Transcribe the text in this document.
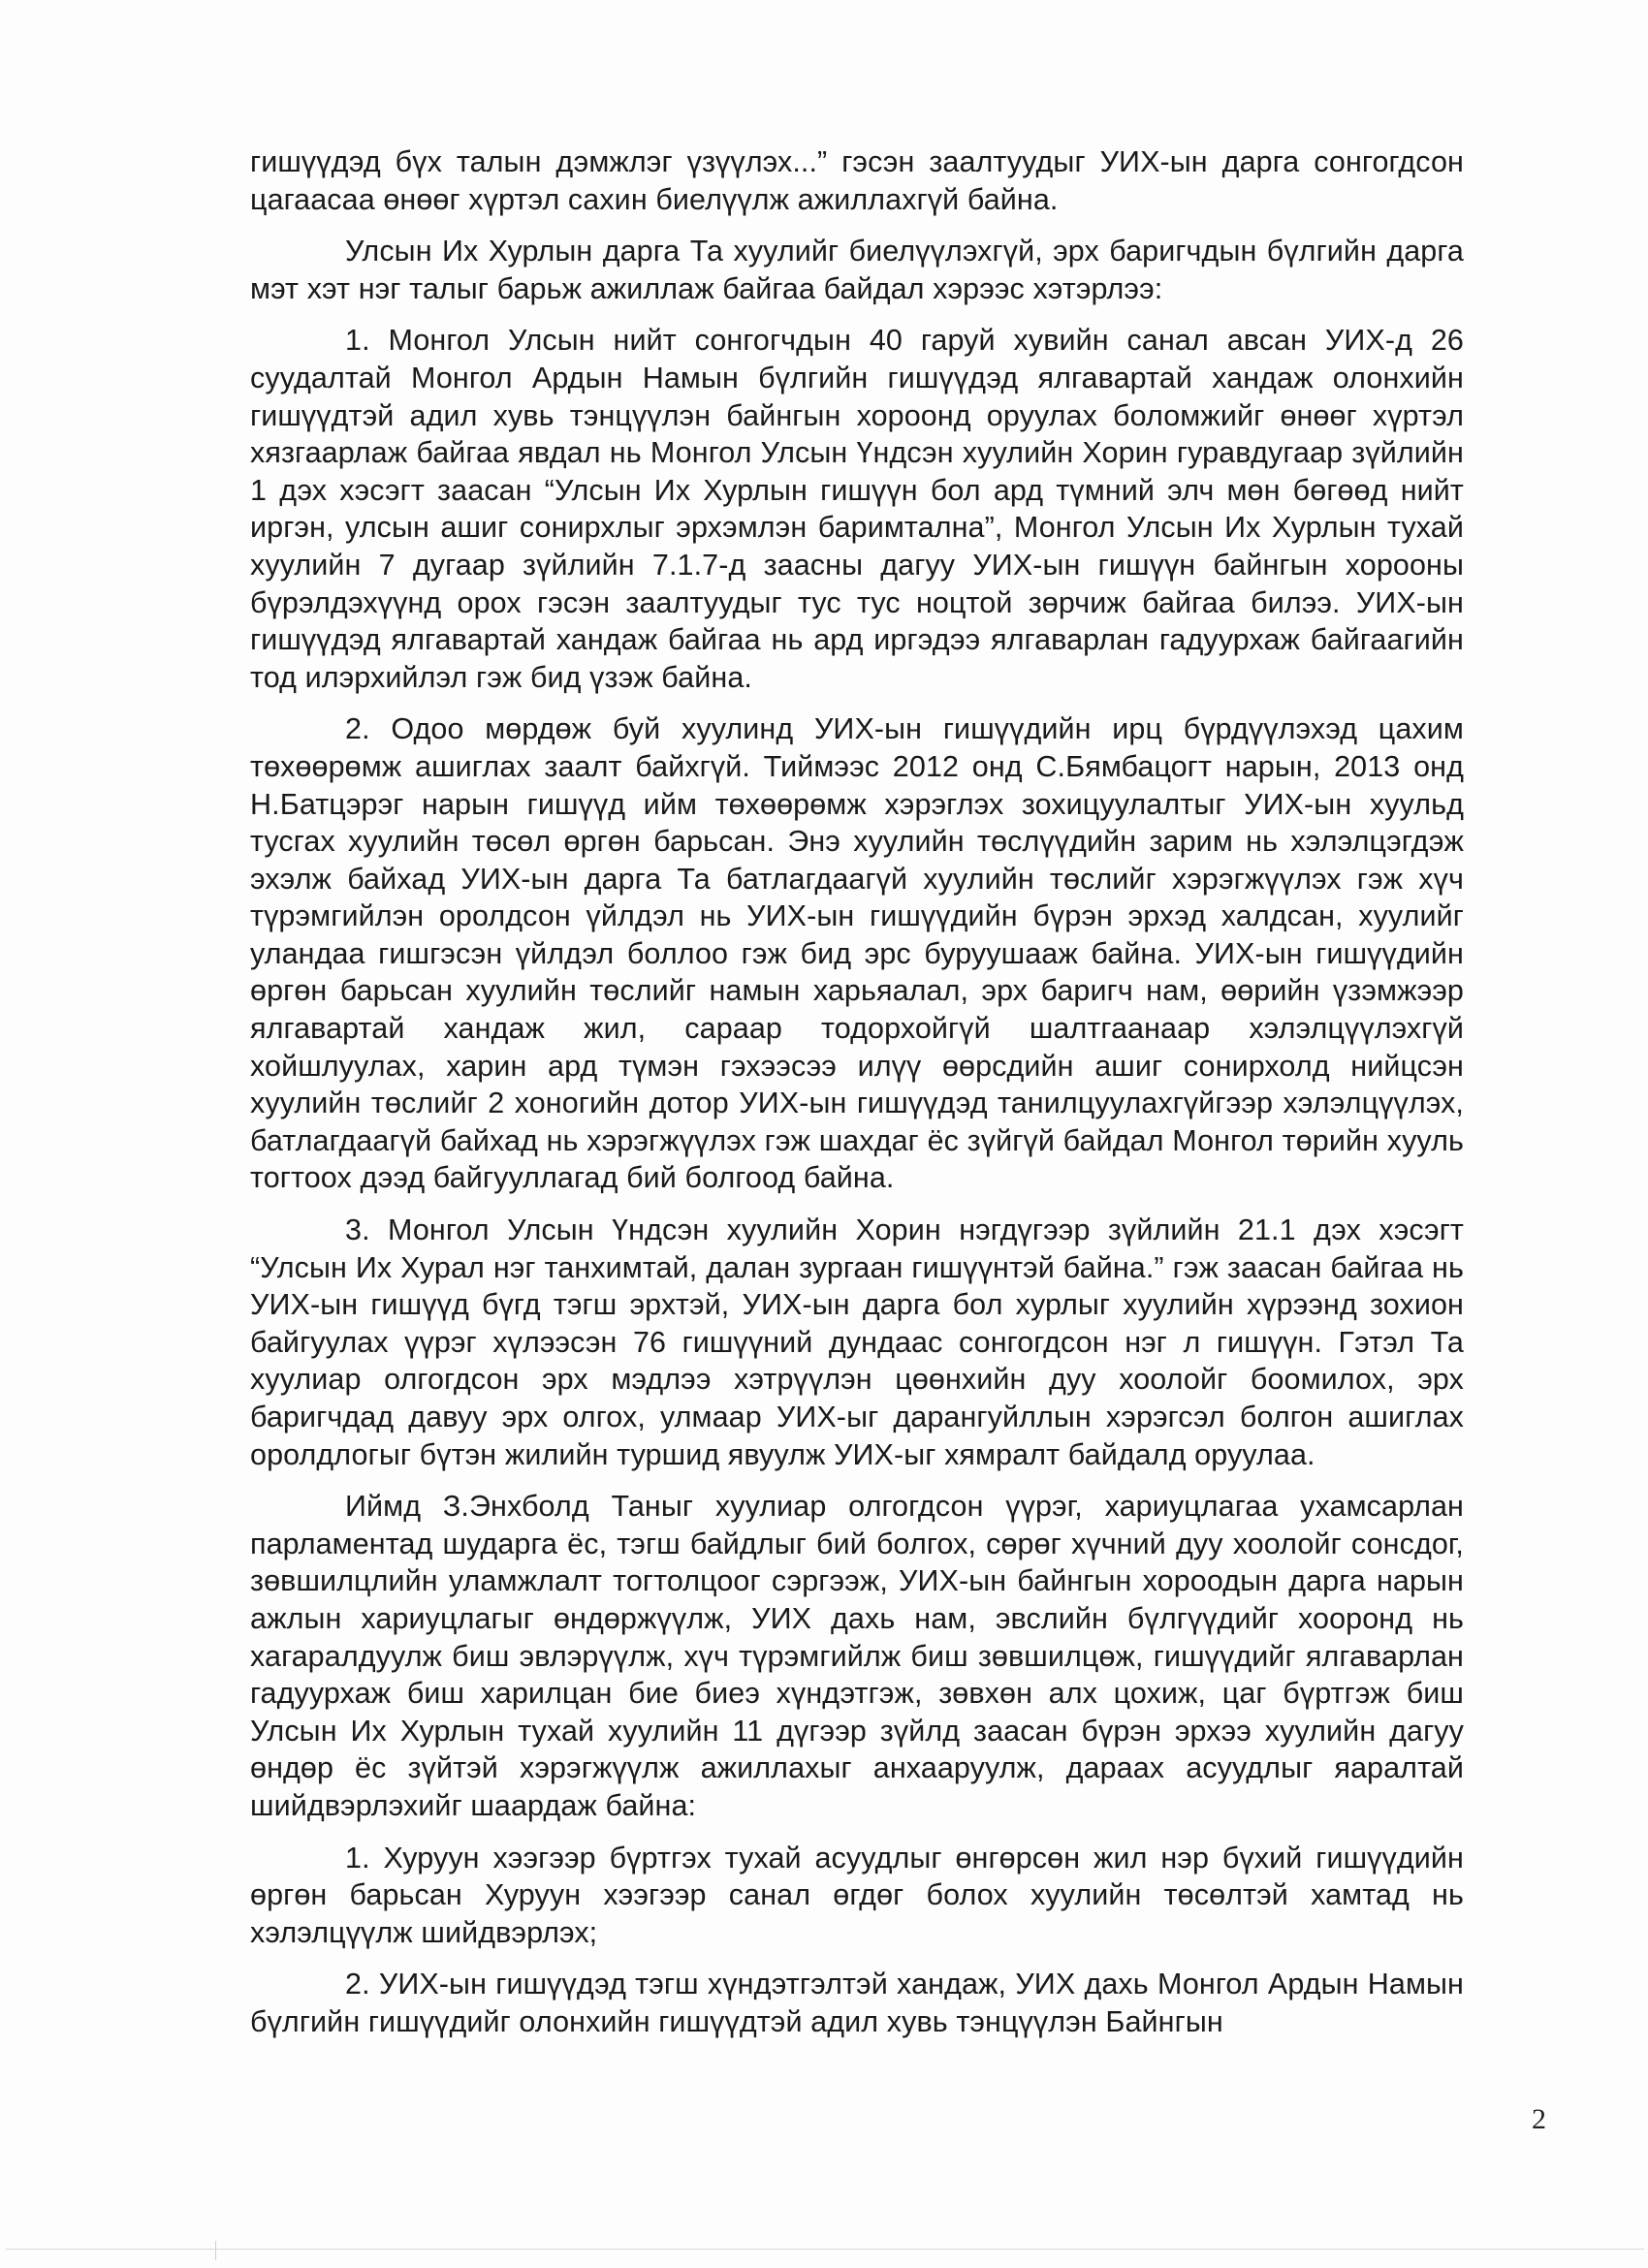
гишүүдэд бүх талын дэмжлэг үзүүлэх...” гэсэн заалтуудыг УИХ-ын дарга сонгогдсон цагаасаа өнөөг хүртэл сахин биелүүлж ажиллахгүй байна.

Улсын Их Хурлын дарга Та хуулийг биелүүлэхгүй, эрх баригчдын бүлгийн дарга мэт хэт нэг талыг барьж ажиллаж байгаа байдал хэрээс хэтэрлээ:

1. Монгол Улсын нийт сонгогчдын 40 гаруй хувийн санал авсан УИХ-д 26 суудалтай Монгол Ардын Намын бүлгийн гишүүдэд ялгавартай хандаж олонхийн гишүүдтэй адил хувь тэнцүүлэн байнгын хороонд оруулах боломжийг өнөөг хүртэл хязгаарлаж байгаа явдал нь Монгол Улсын Үндсэн хуулийн Хорин гуравдугаар зүйлийн 1 дэх хэсэгт заасан “Улсын Их Хурлын гишүүн бол ард түмний элч мөн бөгөөд нийт иргэн, улсын ашиг сонирхлыг эрхэмлэн баримтална”, Монгол Улсын Их Хурлын тухай хуулийн 7 дугаар зүйлийн 7.1.7-д заасны дагуу УИХ-ын гишүүн байнгын хорооны бүрэлдэхүүнд орох гэсэн заалтуудыг тус тус ноцтой зөрчиж байгаа билээ. УИХ-ын гишүүдэд ялгавартай хандаж байгаа нь ард иргэдээ ялгаварлан гадуурхаж байгаагийн тод илэрхийлэл гэж бид үзэж байна.

2. Одоо мөрдөж буй хуулинд УИХ-ын гишүүдийн ирц бүрдүүлэхэд цахим төхөөрөмж ашиглах заалт байхгүй. Тиймээс 2012 онд С.Бямбацогт нарын, 2013 онд Н.Батцэрэг нарын гишүүд ийм төхөөрөмж хэрэглэх зохицуулалтыг УИХ-ын хуульд тусгах хуулийн төсөл өргөн барьсан. Энэ хуулийн төслүүдийн зарим нь хэлэлцэгдэж эхэлж байхад УИХ-ын дарга Та батлагдаагүй хуулийн төслийг хэрэгжүүлэх гэж хүч түрэмгийлэн оролдсон үйлдэл нь УИХ-ын гишүүдийн бүрэн эрхэд халдсан, хуулийг уландаа гишгэсэн үйлдэл боллоо гэж бид эрс буруушааж байна. УИХ-ын гишүүдийн өргөн барьсан хуулийн төслийг намын харьяалал, эрх баригч нам, өөрийн үзэмжээр ялгавартай хандаж жил, сараар тодорхойгүй шалтгаанаар хэлэлцүүлэхгүй хойшлуулах, харин ард түмэн гэхээсээ илүү өөрсдийн ашиг сонирхолд нийцсэн хуулийн төслийг 2 хоногийн дотор УИХ-ын гишүүдэд танилцуулахгүйгээр хэлэлцүүлэх, батлагдаагүй байхад нь хэрэгжүүлэх гэж шахдаг ёс зүйгүй байдал Монгол төрийн хууль тогтоох дээд байгууллагад бий болгоод байна.

3. Монгол Улсын Үндсэн хуулийн Хорин нэгдүгээр зүйлийн 21.1 дэх хэсэгт “Улсын Их Хурал нэг танхимтай, далан зургаан гишүүнтэй байна.” гэж заасан байгаа нь УИХ-ын гишүүд бүгд тэгш эрхтэй, УИХ-ын дарга бол хурлыг хуулийн хүрээнд зохион байгуулах үүрэг хүлээсэн 76 гишүүний дундаас сонгогдсон нэг л гишүүн. Гэтэл Та хуулиар олгогдсон эрх мэдлээ хэтрүүлэн цөөнхийн дуу хоолойг боомилох, эрх баригчдад давуу эрх олгох, улмаар УИХ-ыг дарангуйллын хэрэгсэл болгон ашиглах оролдлогыг бүтэн жилийн туршид явуулж УИХ-ыг хямралт байдалд оруулаа.

Иймд З.Энхболд Таныг хуулиар олгогдсон үүрэг, хариуцлагаа ухамсарлан парламентад шударга ёс, тэгш байдлыг бий болгох, сөрөг хүчний дуу хоолойг сонсдог, зөвшилцлийн уламжлалт тогтолцоог сэргээж, УИХ-ын байнгын хороодын дарга нарын ажлын хариуцлагыг өндөржүүлж, УИХ дахь нам, эвслийн бүлгүүдийг хооронд нь хагаралдуулж биш эвлэрүүлж, хүч түрэмгийлж биш зөвшилцөж, гишүүдийг ялгаварлан гадуурхаж биш харилцан бие биеэ хүндэтгэж, зөвхөн алх цохиж, цаг бүртгэж биш Улсын Их Хурлын тухай хуулийн 11 дүгээр зүйлд заасан бүрэн эрхээ хуулийн дагуу өндөр ёс зүйтэй хэрэгжүүлж ажиллахыг анхааруулж, дараах асуудлыг яаралтай шийдвэрлэхийг шаардаж байна:

1. Хуруун хээгээр бүртгэх тухай асуудлыг өнгөрсөн жил нэр бүхий гишүүдийн өргөн барьсан Хуруун хээгээр санал өгдөг болох хуулийн төсөлтэй хамтад нь хэлэлцүүлж шийдвэрлэх;

2. УИХ-ын гишүүдэд тэгш хүндэтгэлтэй хандаж, УИХ дахь Монгол Ардын Намын бүлгийн гишүүдийг олонхийн гишүүдтэй адил хувь тэнцүүлэн Байнгын

2
